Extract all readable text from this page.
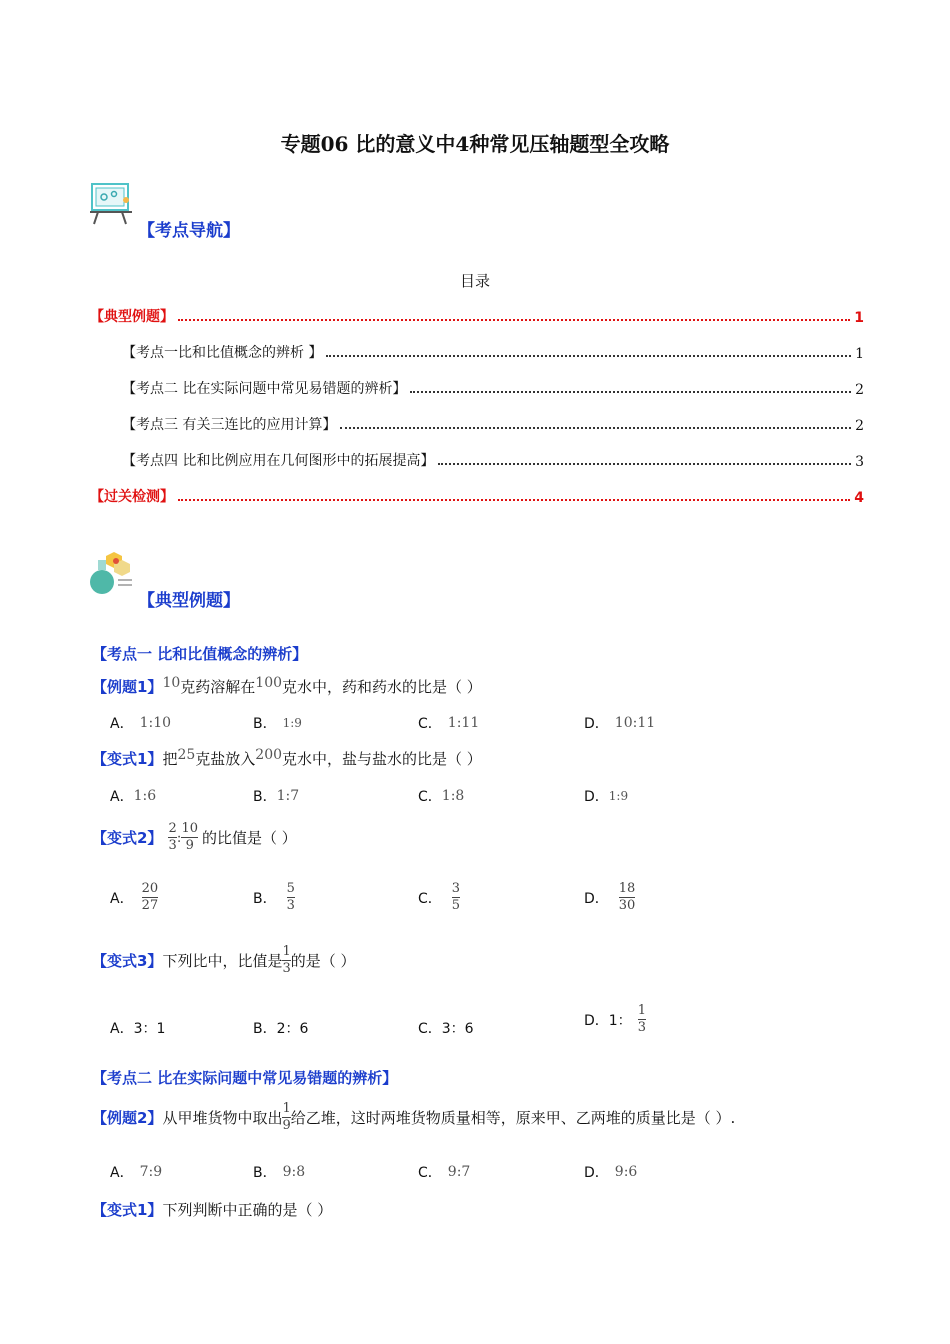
专题06 比的意义中4种常见压轴题型全攻略
【考点导航】
目录
【典型例题】	1
【考点一比和比值概念的辨析 】	1
【考点二 比在实际问题中常见易错题的辨析】	2
【考点三 有关三连比的应用计算】	2
【考点四 比和比例应用在几何图形中的拓展提高】	3
【过关检测】	4
【典型例题】
【考点一 比和比值概念的辨析】
【例题1】 10 克药溶解在 100 克水中，药和药水的比是（ ）
A． 1:10	B． 1:9	C． 1:11	D． 10:11
【变式1】 把 25 克盐放入 200 克水中，盐与盐水的比是（ ）
A． 1:6	B． 1:7	C． 1:8	D． 1:9
【变式2】 $\frac{2}{3}$ : $\frac{10}{9}$ 的比值是（ ）
A． $\frac{20}{27}$	B． $\frac{5}{3}$	C． $\frac{3}{5}$	D． $\frac{18}{30}$
【变式3】 下列比中，比值是 $\frac{1}{3}$ 的是（ ）
A．3：1	B．2：6	C．3：6
D．1： $\frac{1}{3}$
【考点二 比在实际问题中常见易错题的辨析】
【例题2】 从甲堆货物中取出 $\frac{1}{9}$ 给乙堆，这时两堆货物质量相等，原来甲、乙两堆的质量比是（ ）.
A． 7:9	B． 9:8	C． 9:7	D． 9:6
【变式1】 下列判断中正确的是（ ）
